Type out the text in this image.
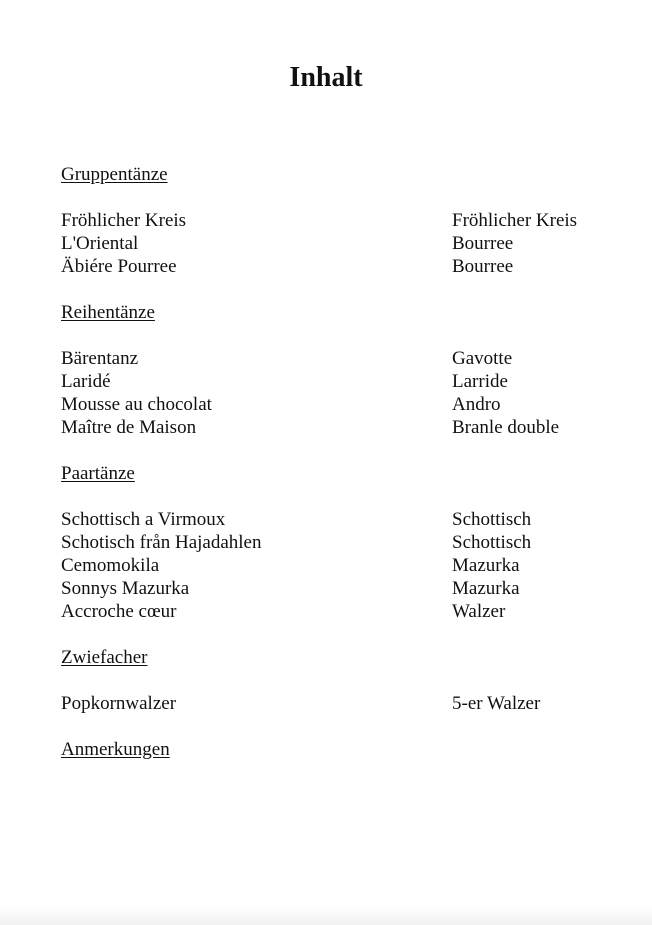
Inhalt
Gruppentänze
Fröhlicher Kreis	Fröhlicher Kreis
L'Oriental	Bourree
Äbiére Pourree	Bourree
Reihentänze
Bärentanz	Gavotte
Laridé	Larride
Mousse au chocolat	Andro
Maître de Maison	Branle double
Paartänze
Schottisch a Virmoux	Schottisch
Schotisch från Hajadahlen	Schottisch
Cemomokila	Mazurka
Sonnys Mazurka	Mazurka
Accroche cœur	Walzer
Zwiefacher
Popkornwalzer	5-er Walzer
Anmerkungen
